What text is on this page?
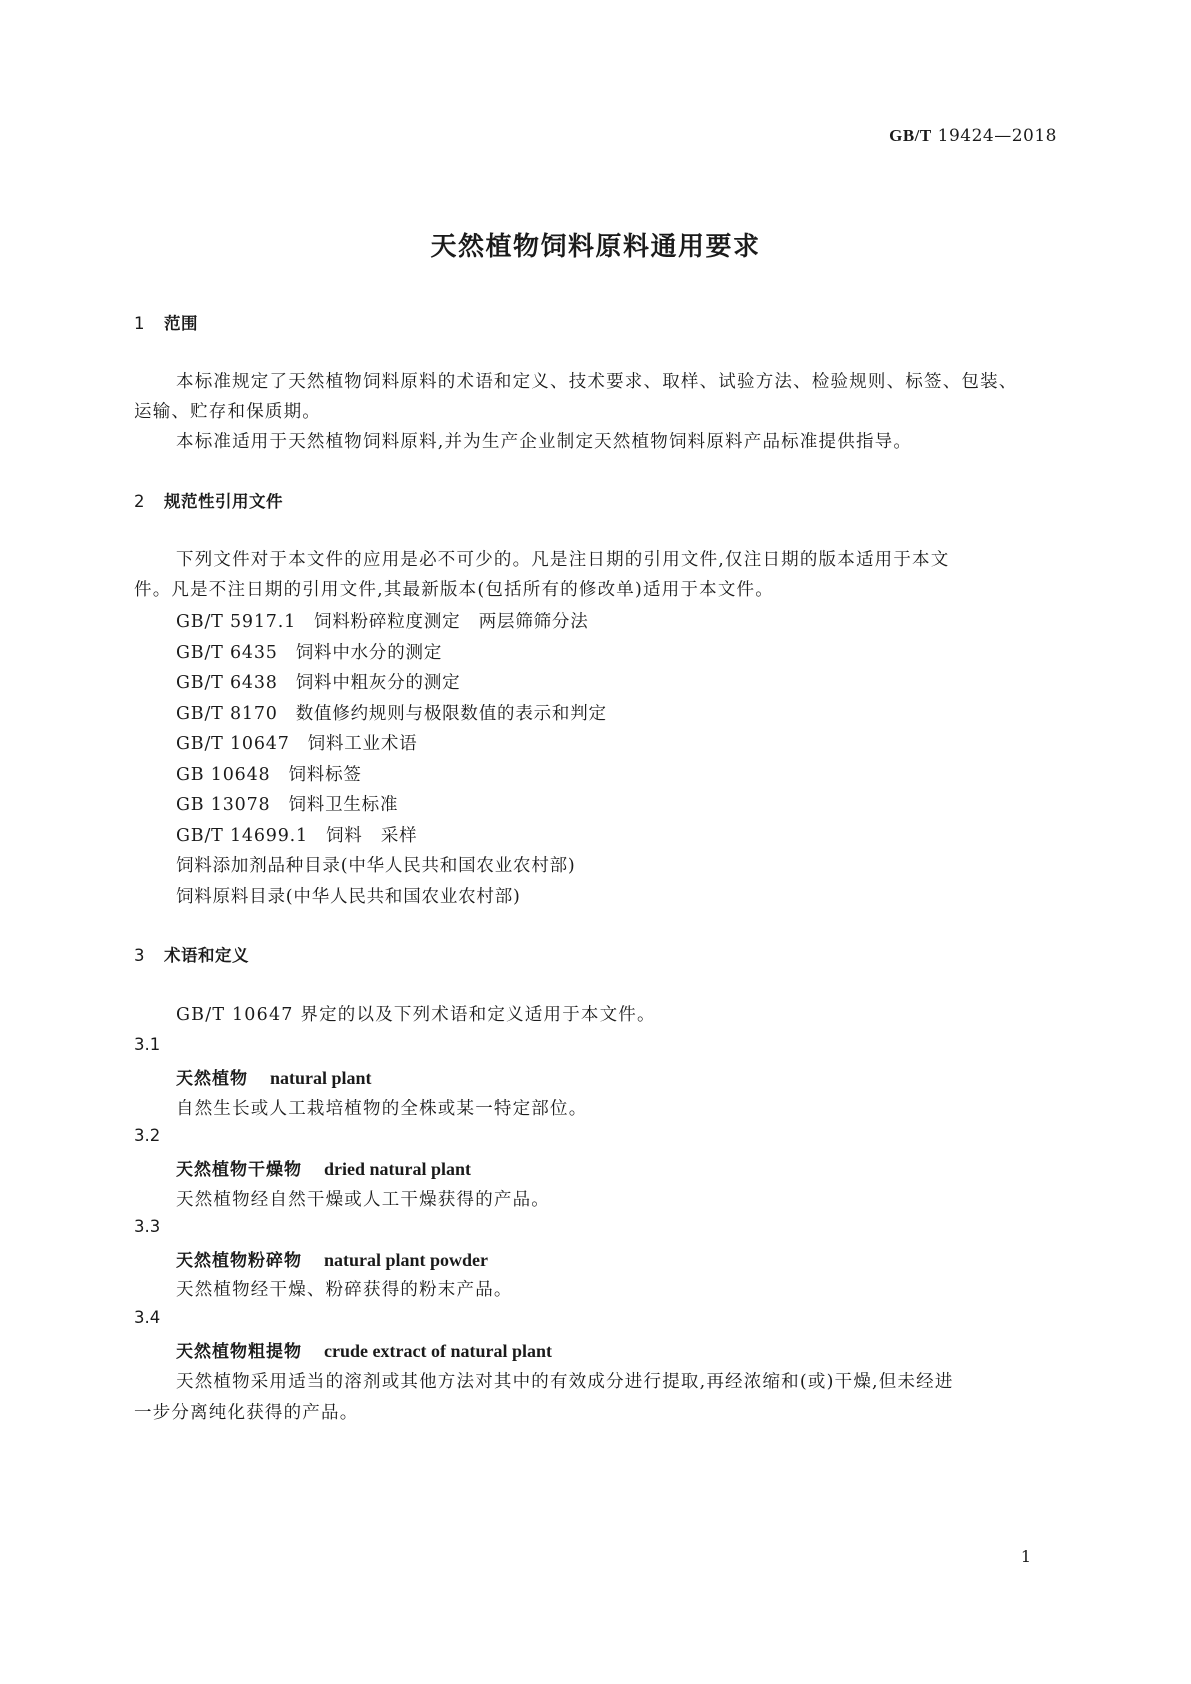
GB/T 19424—2018
天然植物饲料原料通用要求
1 范围
本标准规定了天然植物饲料原料的术语和定义、技术要求、取样、试验方法、检验规则、标签、包装、
运输、贮存和保质期。
本标准适用于天然植物饲料原料,并为生产企业制定天然植物饲料原料产品标准提供指导。
2 规范性引用文件
下列文件对于本文件的应用是必不可少的。凡是注日期的引用文件,仅注日期的版本适用于本文
件。凡是不注日期的引用文件,其最新版本(包括所有的修改单)适用于本文件。
GB/T 5917.1 饲料粉碎粒度测定　两层筛筛分法
GB/T 6435 饲料中水分的测定
GB/T 6438 饲料中粗灰分的测定
GB/T 8170 数值修约规则与极限数值的表示和判定
GB/T 10647 饲料工业术语
GB 10648 饲料标签
GB 13078 饲料卫生标准
GB/T 14699.1 饲料　采样
饲料添加剂品种目录(中华人民共和国农业农村部)
饲料原料目录(中华人民共和国农业农村部)
3 术语和定义
GB/T 10647 界定的以及下列术语和定义适用于本文件。
3.1
天然植物 natural plant
自然生长或人工栽培植物的全株或某一特定部位。
3.2
天然植物干燥物 dried natural plant
天然植物经自然干燥或人工干燥获得的产品。
3.3
天然植物粉碎物 natural plant powder
天然植物经干燥、粉碎获得的粉末产品。
3.4
天然植物粗提物 crude extract of natural plant
天然植物采用适当的溶剂或其他方法对其中的有效成分进行提取,再经浓缩和(或)干燥,但未经进
一步分离纯化获得的产品。
1
